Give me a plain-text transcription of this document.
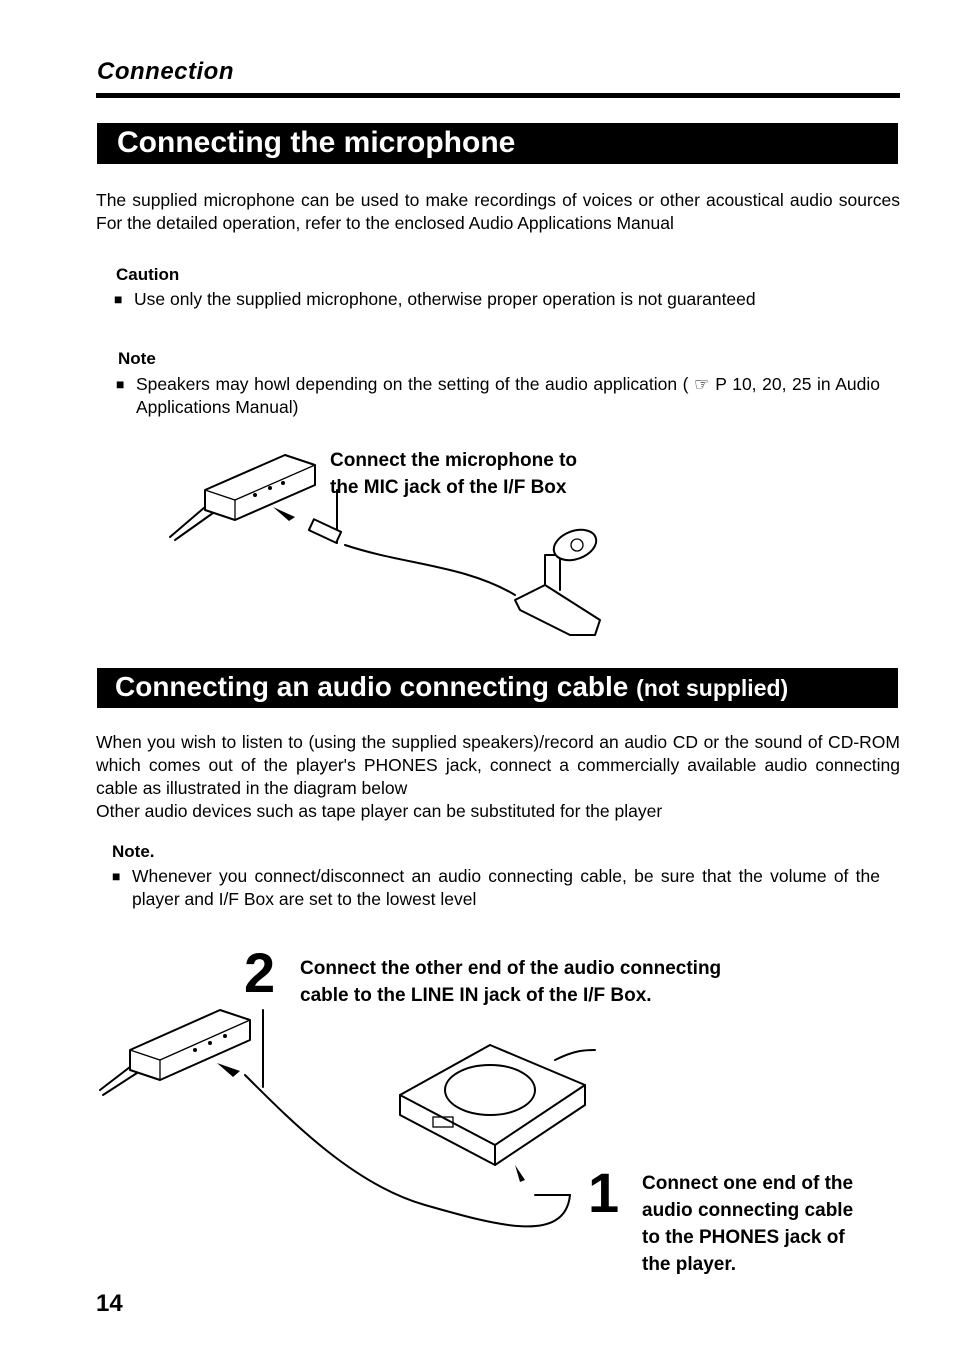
Connection
Connecting the microphone
The supplied microphone can be used to make recordings of voices or other acoustical audio sources For the detailed operation, refer to the enclosed Audio Applications Manual
Caution
■ Use only the supplied microphone, otherwise proper operation is not guaranteed
Note
■ Speakers may howl depending on the setting of the audio application ( ☞ P 10, 20, 25 in Audio Applications Manual)
Connect the microphone to
the MIC jack of the I/F Box
Connecting an audio connecting cable (not supplied)
When you wish to listen to (using the supplied speakers)/record an audio CD or the sound of CD-ROM which comes out of the player's PHONES jack, connect a commercially available audio connecting cable as illustrated in the diagram below
Other audio devices such as tape player can be substituted for the player
Note.
■ Whenever you connect/disconnect an audio connecting cable, be sure that the volume of the player and I/F Box are set to the lowest level
2 Connect the other end of the audio connecting
cable to the LINE IN jack of the I/F Box.
1 Connect one end of the
audio connecting cable
to the PHONES jack of
the player.
14
